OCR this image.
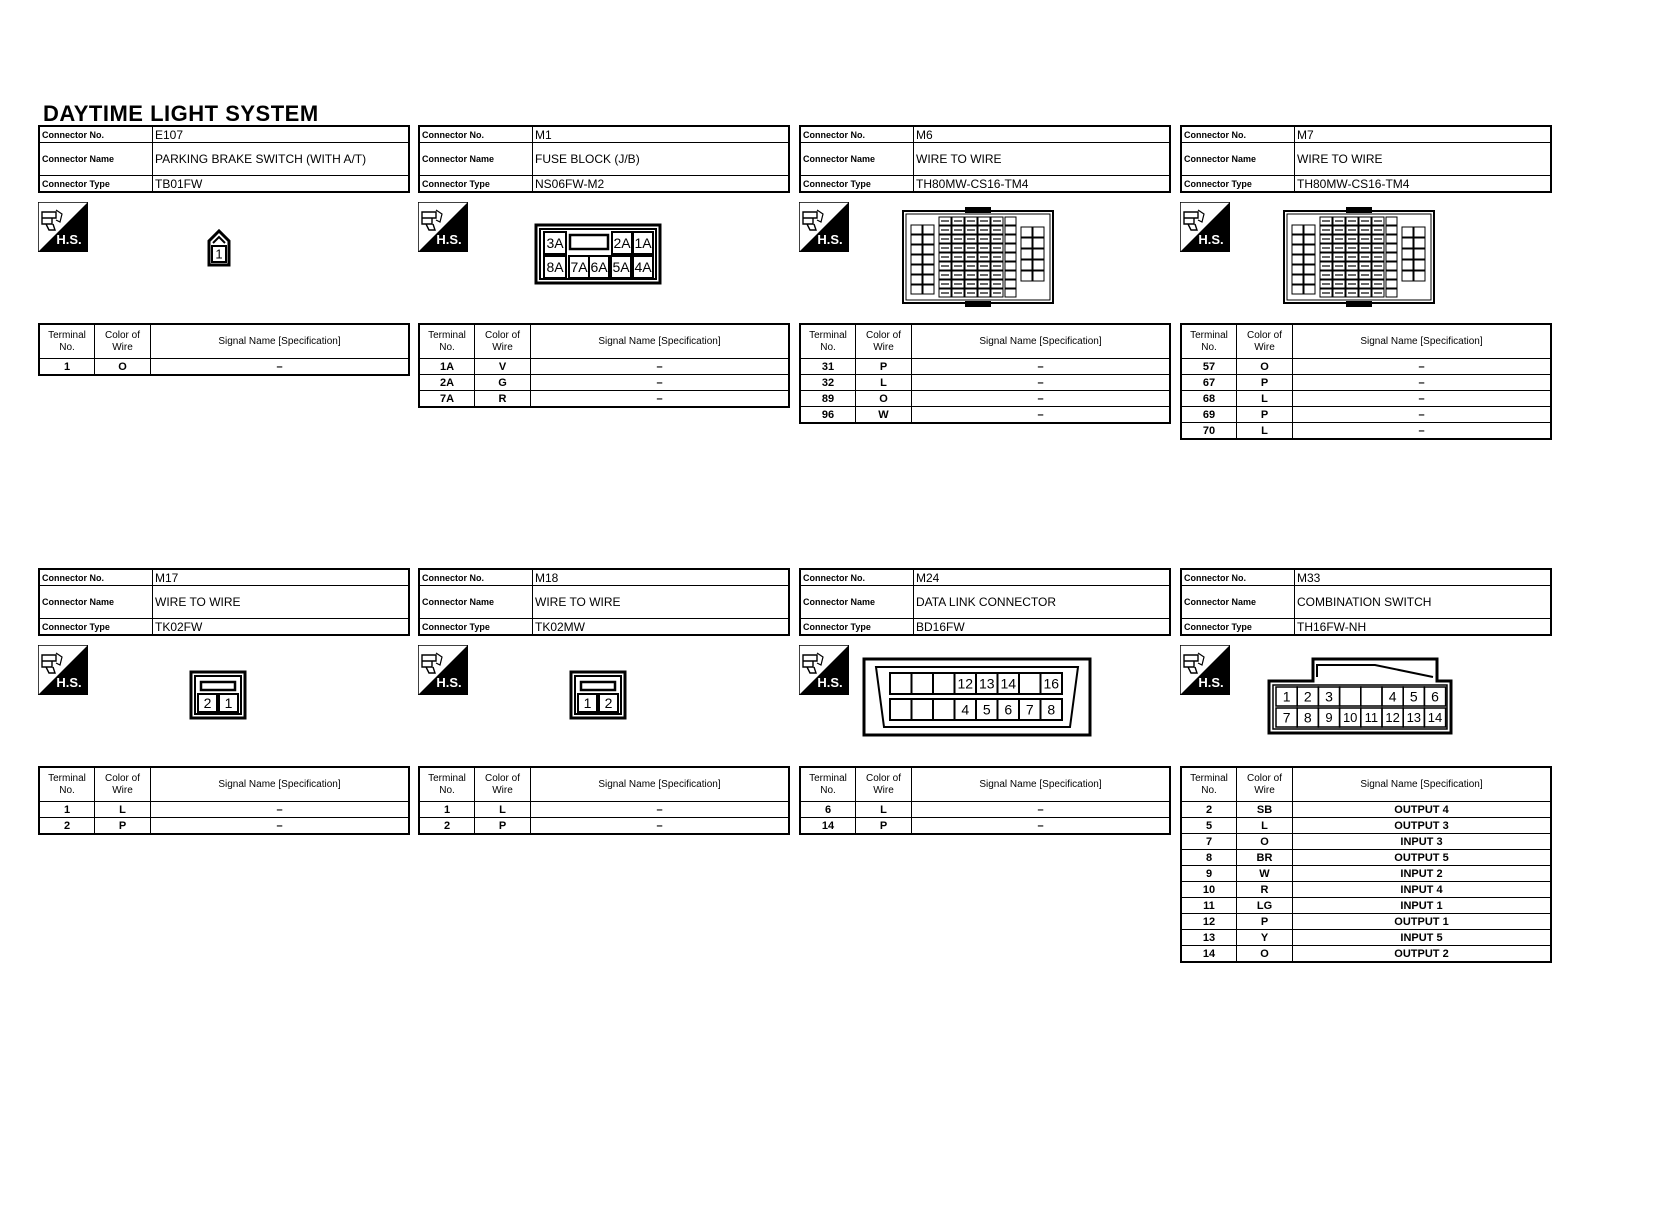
DAYTIME LIGHT SYSTEM
Connector No.	E107
Connector Name	PARKING BRAKE SWITCH (WITH A/T)
Connector Type	TB01FW
H.S.
1
Terminal No.	Color of Wire	Signal Name [Specification]
1	O	–
Connector No.	M1
Connector Name	FUSE BLOCK (J/B)
Connector Type	NS06FW-M2
H.S.	3A	2A 1A
8A 7A 6A 5A 4A
Terminal No.	Color of Wire	Signal Name [Specification]
1A	V	–
2A	G	–
7A	R	–
Connector No.	M6
Connector Name	WIRE TO WIRE
Connector Type	TH80MW-CS16-TM4
H.S.
Terminal No.	Color of Wire	Signal Name [Specification]
31	P	–
32	L	–
89	O	–
96	W	–
Connector No.	M7
Connector Name	WIRE TO WIRE
Connector Type	TH80MW-CS16-TM4
H.S.
Terminal No.	Color of Wire	Signal Name [Specification]
57	O	–
67	P	–
68	L	–
69	P	–
70	L	–
Connector No.	M17
Connector Name	WIRE TO WIRE
Connector Type	TK02FW
H.S.
2 1
Terminal No.	Color of Wire	Signal Name [Specification]
1	L	–
2	P	–
Connector No.	M18
Connector Name	WIRE TO WIRE
Connector Type	TK02MW
H.S.
1 2
Terminal No.	Color of Wire	Signal Name [Specification]
1	L	–
2	P	–
Connector No.	M24
Connector Name	DATA LINK CONNECTOR
Connector Type	BD16FW
H.S.	12 13 14 16
4 5 6 7 8
Terminal No.	Color of Wire	Signal Name [Specification]
6	L	–
14	P	–
Connector No.	M33
Connector Name	COMBINATION SWITCH
Connector Type	TH16FW-NH
H.S.
1 2 3	4 5 6
7 8 9 10 11 12 13 14
Terminal No.	Color of Wire	Signal Name [Specification]
2	SB	OUTPUT 4
5	L	OUTPUT 3
7	O	INPUT 3
8	BR	OUTPUT 5
9	W	INPUT 2
10	R	INPUT 4
11	LG	INPUT 1
12	P	OUTPUT 1
13	Y	INPUT 5
14	O	OUTPUT 2
